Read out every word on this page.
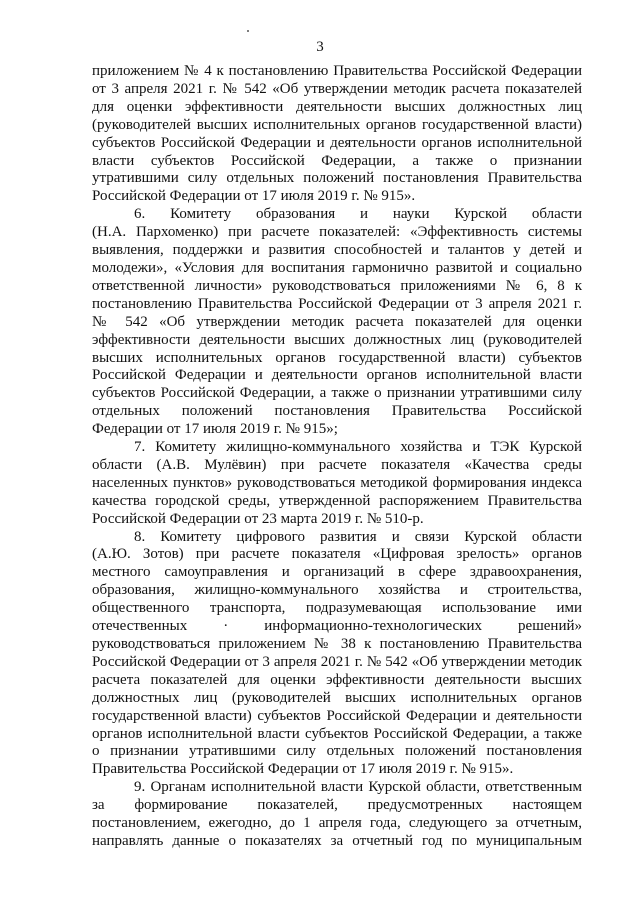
3
приложением № 4 к постановлению Правительства Российской Федерации
от 3 апреля 2021 г. № 542 «Об утверждении методик расчета показателей
для оценки эффективности деятельности высших должностных лиц
(руководителей высших исполнительных органов государственной власти)
субъектов Российской Федерации и деятельности органов исполнительной
власти субъектов Российской Федерации, а также о признании
утратившими силу отдельных положений постановления Правительства
Российской Федерации от 17 июля 2019 г. № 915».
6. Комитету образования и науки Курской области
(Н.А. Пархоменко) при расчете показателей: «Эффективность системы
выявления, поддержки и развития способностей и талантов у детей и
молодежи», «Условия для воспитания гармонично развитой и социально
ответственной личности» руководствоваться приложениями № 6, 8 к
постановлению Правительства Российской Федерации от 3 апреля 2021 г.
№ 542 «Об утверждении методик расчета показателей для оценки
эффективности деятельности высших должностных лиц (руководителей
высших исполнительных органов государственной власти) субъектов
Российской Федерации и деятельности органов исполнительной власти
субъектов Российской Федерации, а также о признании утратившими силу
отдельных положений постановления Правительства Российской
Федерации от 17 июля 2019 г. № 915»;
7. Комитету жилищно-коммунального хозяйства и ТЭК Курской
области (А.В. Мулёвин) при расчете показателя «Качества среды
населенных пунктов» руководствоваться методикой формирования индекса
качества городской среды, утвержденной распоряжением Правительства
Российской Федерации от 23 марта 2019 г. № 510-р.
8. Комитету цифрового развития и связи Курской области
(А.Ю. Зотов) при расчете показателя «Цифровая зрелость» органов
местного самоуправления и организаций в сфере здравоохранения,
образования, жилищно-коммунального хозяйства и строительства,
общественного транспорта, подразумевающая использование ими
отечественных · информационно-технологических решений»
руководствоваться приложением № 38 к постановлению Правительства
Российской Федерации от 3 апреля 2021 г. № 542 «Об утверждении методик
расчета показателей для оценки эффективности деятельности высших
должностных лиц (руководителей высших исполнительных органов
государственной власти) субъектов Российской Федерации и деятельности
органов исполнительной власти субъектов Российской Федерации, а также
о признании утратившими силу отдельных положений постановления
Правительства Российской Федерации от 17 июля 2019 г. № 915».
9. Органам исполнительной власти Курской области, ответственным
за формирование показателей, предусмотренных настоящем
постановлением, ежегодно, до 1 апреля года, следующего за отчетным,
направлять данные о показателях за отчетный год по муниципальным
